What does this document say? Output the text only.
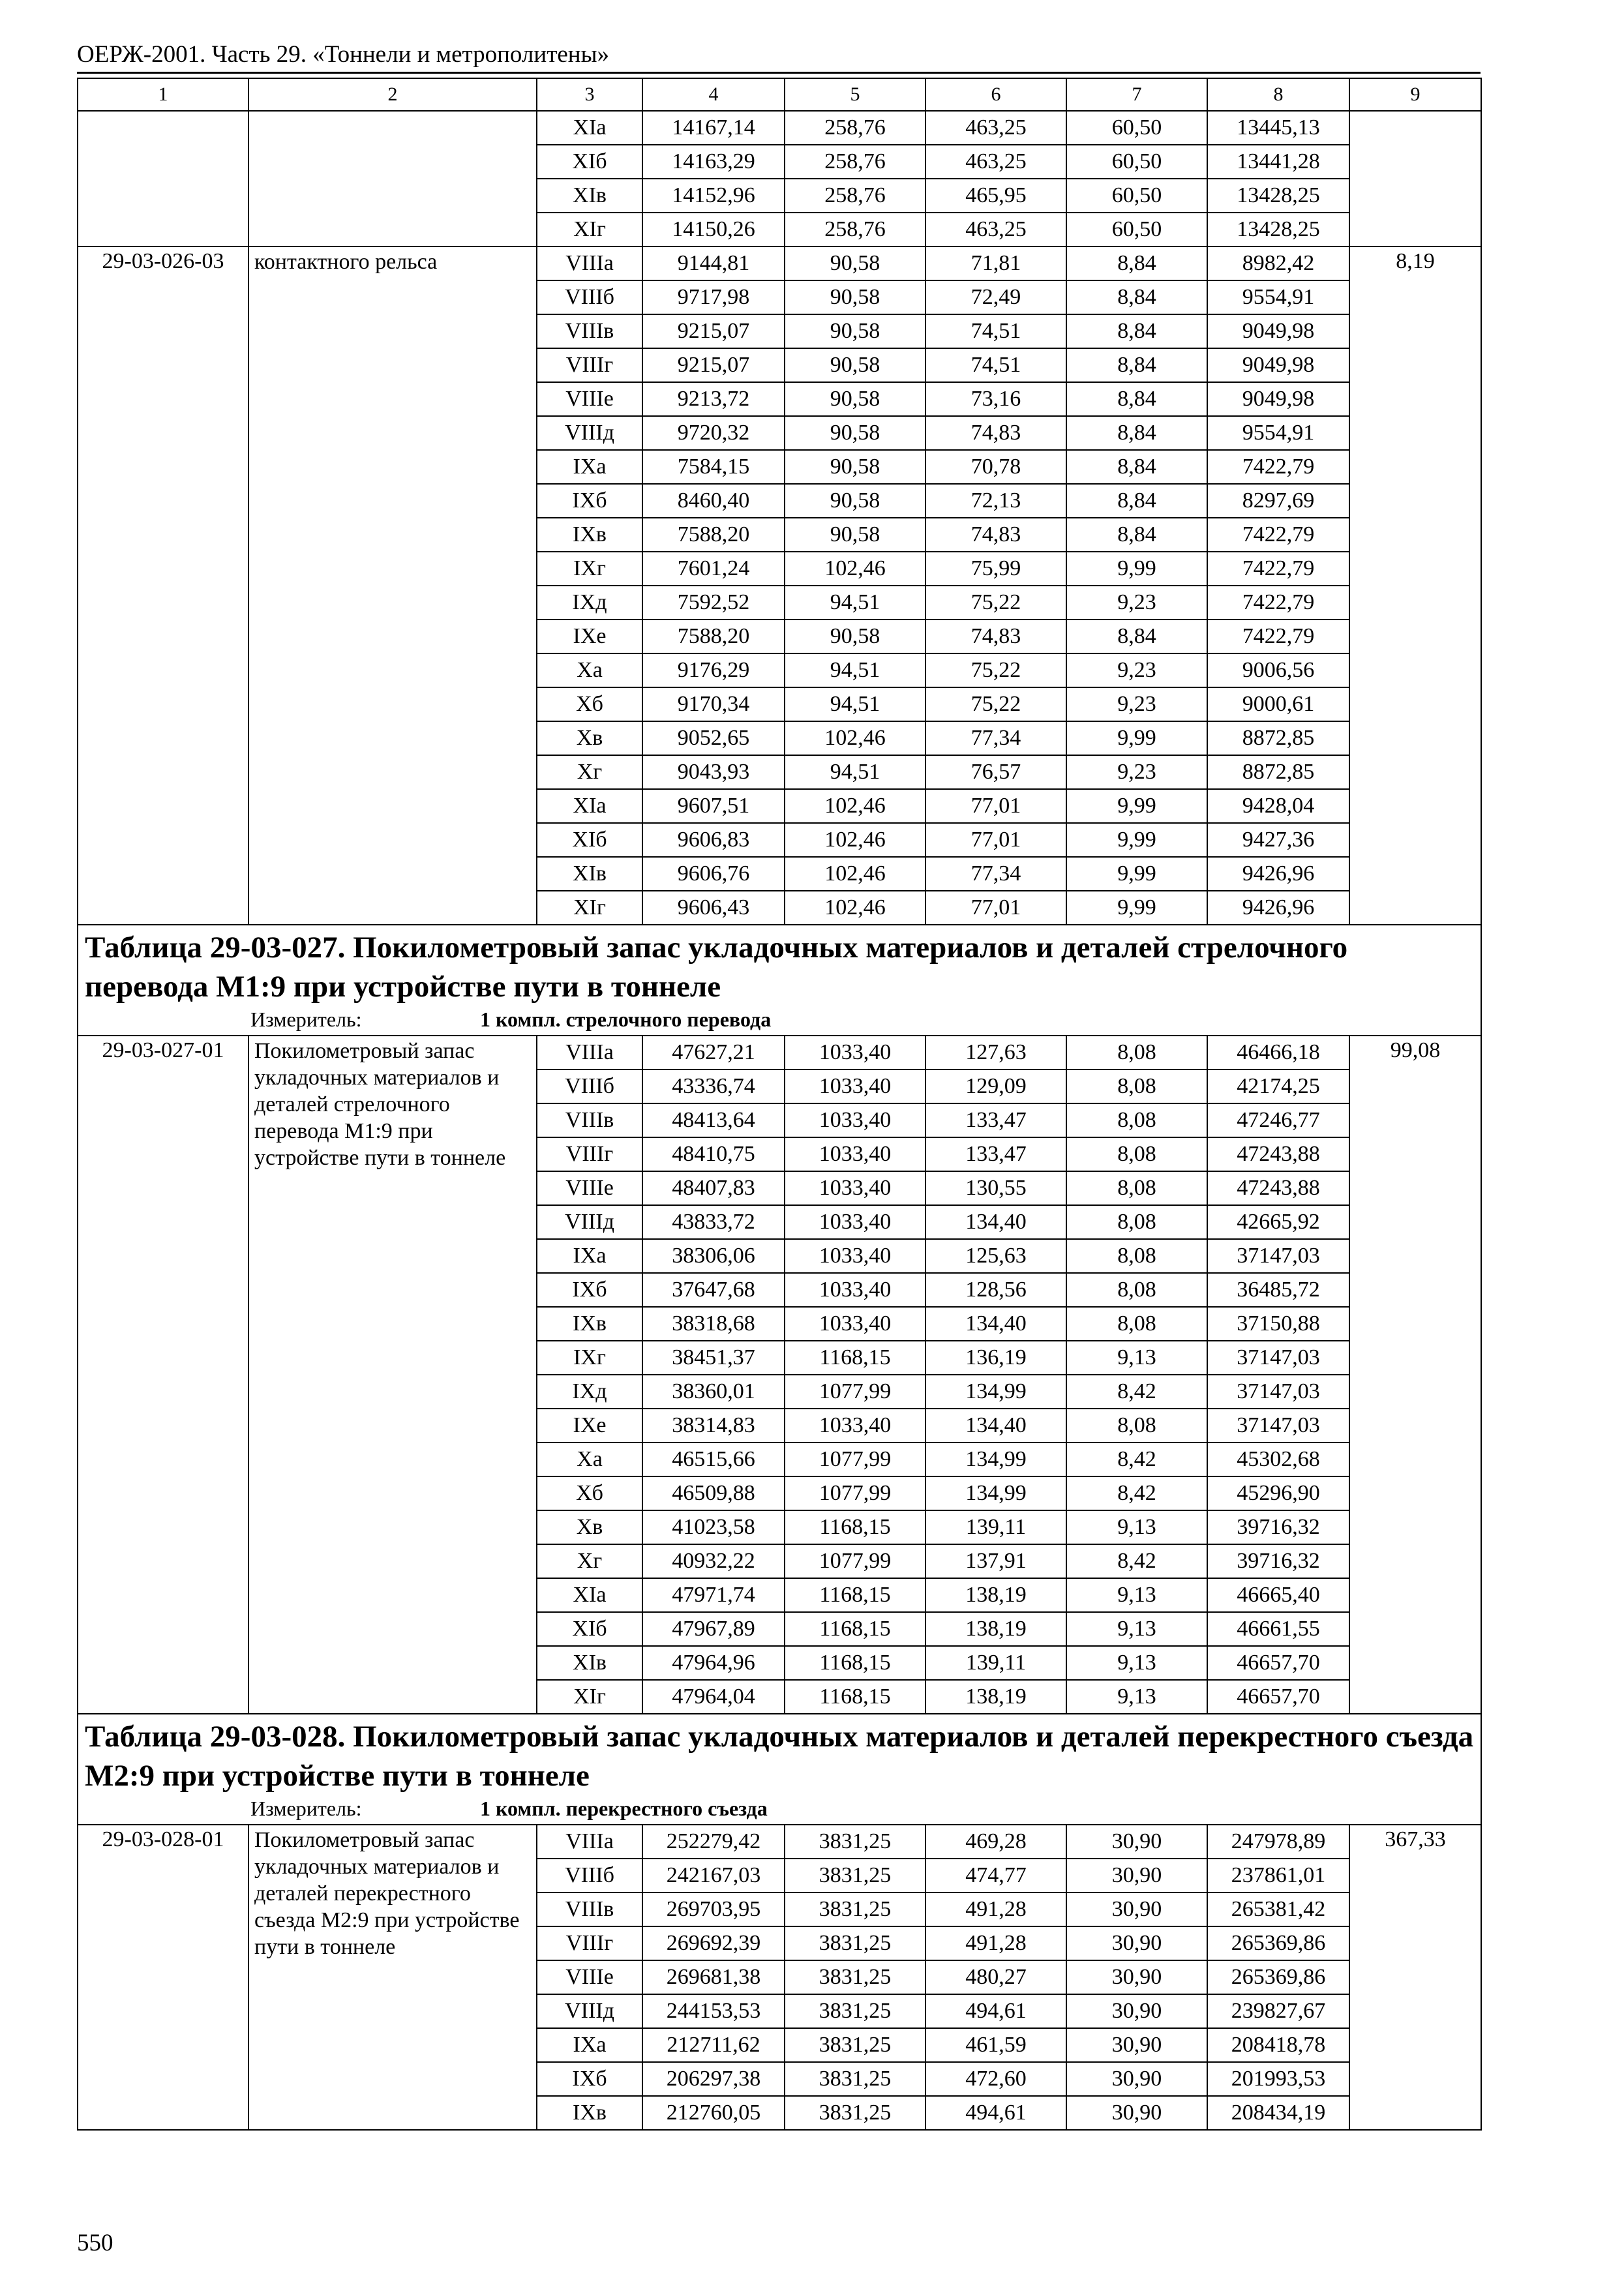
ОЕРЖ-2001. Часть 29. «Тоннели и метрополитены»
1	2	3	4	5	6	7	8	9
		XIа	14167,14	258,76	463,25	60,50	13445,13	
		XIб	14163,29	258,76	463,25	60,50	13441,28	
		XIв	14152,96	258,76	465,95	60,50	13428,25	
		XIг	14150,26	258,76	463,25	60,50	13428,25	
29-03-026-03	контактного рельса	VIIIа	9144,81	90,58	71,81	8,84	8982,42	8,19
		VIIIб	9717,98	90,58	72,49	8,84	9554,91	
		VIIIв	9215,07	90,58	74,51	8,84	9049,98	
		VIIIг	9215,07	90,58	74,51	8,84	9049,98	
		VIIIе	9213,72	90,58	73,16	8,84	9049,98	
		VIIIд	9720,32	90,58	74,83	8,84	9554,91	
		IXа	7584,15	90,58	70,78	8,84	7422,79	
		IXб	8460,40	90,58	72,13	8,84	8297,69	
		IXв	7588,20	90,58	74,83	8,84	7422,79	
		IXг	7601,24	102,46	75,99	9,99	7422,79	
		IXд	7592,52	94,51	75,22	9,23	7422,79	
		IXе	7588,20	90,58	74,83	8,84	7422,79	
		Xа	9176,29	94,51	75,22	9,23	9006,56	
		Xб	9170,34	94,51	75,22	9,23	9000,61	
		Xв	9052,65	102,46	77,34	9,99	8872,85	
		Xг	9043,93	94,51	76,57	9,23	8872,85	
		XIа	9607,51	102,46	77,01	9,99	9428,04	
		XIб	9606,83	102,46	77,01	9,99	9427,36	
		XIв	9606,76	102,46	77,34	9,99	9426,96	
		XIг	9606,43	102,46	77,01	9,99	9426,96	

Таблица 29-03-027. Покилометровый запас укладочных материалов и деталей стрелочного перевода М1:9 при устройстве пути в тоннеле
Измеритель: 1 компл. стрелочного перевода								

29-03-027-01	Покилометровый запас укладочных материалов и деталей стрелочного перевода М1:9 при устройстве пути в тоннеле	VIIIа	47627,21	1033,40	127,63	8,08	46466,18	99,08
		VIIIб	43336,74	1033,40	129,09	8,08	42174,25	
		VIIIв	48413,64	1033,40	133,47	8,08	47246,77	
		VIIIг	48410,75	1033,40	133,47	8,08	47243,88	
		VIIIе	48407,83	1033,40	130,55	8,08	47243,88	
		VIIIд	43833,72	1033,40	134,40	8,08	42665,92	
		IXа	38306,06	1033,40	125,63	8,08	37147,03	
		IXб	37647,68	1033,40	128,56	8,08	36485,72	
		IXв	38318,68	1033,40	134,40	8,08	37150,88	
		IXг	38451,37	1168,15	136,19	9,13	37147,03	
		IXд	38360,01	1077,99	134,99	8,42	37147,03	
		IXе	38314,83	1033,40	134,40	8,08	37147,03	
		Xа	46515,66	1077,99	134,99	8,42	45302,68	
		Xб	46509,88	1077,99	134,99	8,42	45296,90	
		Xв	41023,58	1168,15	139,11	9,13	39716,32	
		Xг	40932,22	1077,99	137,91	8,42	39716,32	
		XIа	47971,74	1168,15	138,19	9,13	46665,40	
		XIб	47967,89	1168,15	138,19	9,13	46661,55	
		XIв	47964,96	1168,15	139,11	9,13	46657,70	
		XIг	47964,04	1168,15	138,19	9,13	46657,70	

Таблица 29-03-028. Покилометровый запас укладочных материалов и деталей перекрестного съезда М2:9 при устройстве пути в тоннеле
Измеритель: 1 компл. перекрестного съезда								

29-03-028-01	Покилометровый запас укладочных материалов и деталей перекрестного съезда М2:9 при устройстве пути в тоннеле	VIIIа	252279,42	3831,25	469,28	30,90	247978,89	367,33
		VIIIб	242167,03	3831,25	474,77	30,90	237861,01	
		VIIIв	269703,95	3831,25	491,28	30,90	265381,42	
		VIIIг	269692,39	3831,25	491,28	30,90	265369,86	
		VIIIе	269681,38	3831,25	480,27	30,90	265369,86	
		VIIIд	244153,53	3831,25	494,61	30,90	239827,67	
		IXа	212711,62	3831,25	461,59	30,90	208418,78	
		IXб	206297,38	3831,25	472,60	30,90	201993,53	
		IXв	212760,05	3831,25	494,61	30,90	208434,19	
550
